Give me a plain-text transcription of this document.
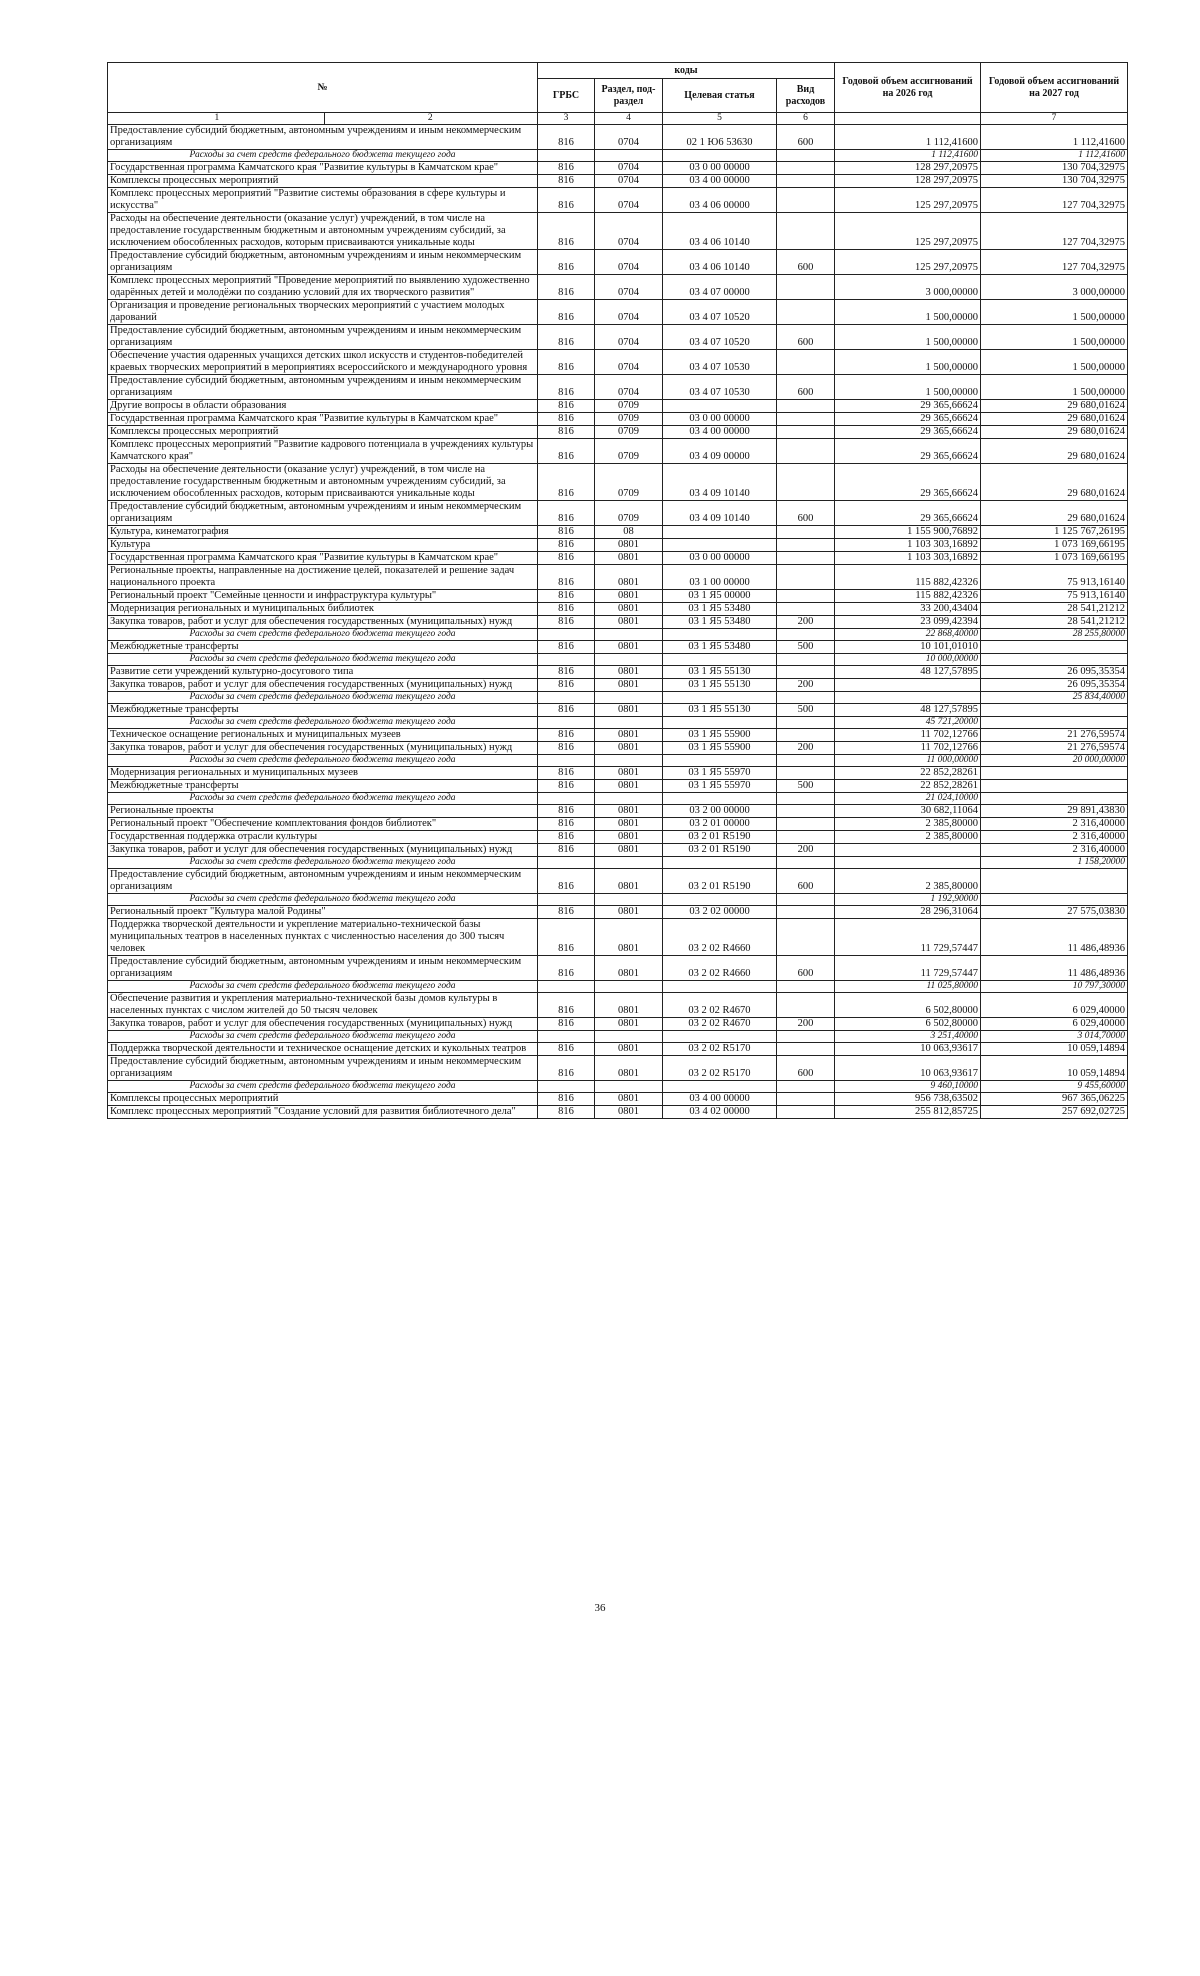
№	коды				Годовой объем ассигнований на 2026 год	Годовой объем ассигнований на 2027 год
	ГРБС	Раздел, под-раздел	Целевая статья	Вид расходов		
1 2	3	4	5	6		7
Предоставление субсидий бюджетным, автономным учреждениям и иным некоммерческим организациям	816	0704	02 1 Ю6 53630	600	1 112,41600	1 112,41600
Расходы за счет средств федерального бюджета текущего года					1 112,41600	1 112,41600
Государственная программа Камчатского края "Развитие культуры в Камчатском крае"	816	0704	03 0 00 00000		128 297,20975	130 704,32975
Комплексы процессных мероприятий	816	0704	03 4 00 00000		128 297,20975	130 704,32975
Комплекс процессных мероприятий "Развитие системы образования в сфере культуры и искусства"	816	0704	03 4 06 00000		125 297,20975	127 704,32975
Расходы на обеспечение деятельности (оказание услуг) учреждений, в том числе на предоставление государственным бюджетным и автономным учреждениям субсидий, за исключением обособленных расходов, которым присваиваются уникальные коды	816	0704	03 4 06 10140		125 297,20975	127 704,32975
Предоставление субсидий бюджетным, автономным учреждениям и иным некоммерческим организациям	816	0704	03 4 06 10140	600	125 297,20975	127 704,32975
Комплекс процессных мероприятий "Проведение мероприятий по выявлению художественно одарённых детей и молодёжи по созданию условий для их творческого развития"	816	0704	03 4 07 00000		3 000,00000	3 000,00000
Организация и проведение региональных творческих мероприятий с участием молодых дарований	816	0704	03 4 07 10520		1 500,00000	1 500,00000
Предоставление субсидий бюджетным, автономным учреждениям и иным некоммерческим организациям	816	0704	03 4 07 10520	600	1 500,00000	1 500,00000
Обеспечение участия одаренных учащихся детских школ искусств и студентов-победителей краевых творческих мероприятий в мероприятиях всероссийского и международного уровня	816	0704	03 4 07 10530		1 500,00000	1 500,00000
Предоставление субсидий бюджетным, автономным учреждениям и иным некоммерческим организациям	816	0704	03 4 07 10530	600	1 500,00000	1 500,00000
Другие вопросы в области образования	816	0709			29 365,66624	29 680,01624
Государственная программа Камчатского края "Развитие культуры в Камчатском крае"	816	0709	03 0 00 00000		29 365,66624	29 680,01624
Комплексы процессных мероприятий	816	0709	03 4 00 00000		29 365,66624	29 680,01624
Комплекс процессных мероприятий "Развитие кадрового потенциала в учреждениях культуры Камчатского края"	816	0709	03 4 09 00000		29 365,66624	29 680,01624
Расходы на обеспечение деятельности (оказание услуг) учреждений, в том числе на предоставление государственным бюджетным и автономным учреждениям субсидий, за исключением обособленных расходов, которым присваиваются уникальные коды	816	0709	03 4 09 10140		29 365,66624	29 680,01624
Предоставление субсидий бюджетным, автономным учреждениям и иным некоммерческим организациям	816	0709	03 4 09 10140	600	29 365,66624	29 680,01624
Культура, кинематография	816	08			1 155 900,76892	1 125 767,26195
Культура	816	0801			1 103 303,16892	1 073 169,66195
Государственная программа Камчатского края "Развитие культуры в Камчатском крае"	816	0801	03 0 00 00000		1 103 303,16892	1 073 169,66195
Региональные проекты, направленные на достижение целей, показателей и решение задач национального проекта	816	0801	03 1 00 00000		115 882,42326	75 913,16140
Региональный проект "Семейные ценности и инфраструктура культуры"	816	0801	03 1 Я5 00000		115 882,42326	75 913,16140
Модернизация региональных и муниципальных библиотек	816	0801	03 1 Я5 53480		33 200,43404	28 541,21212
Закупка товаров, работ и услуг для обеспечения государственных (муниципальных) нужд	816	0801	03 1 Я5 53480	200	23 099,42394	28 541,21212
Расходы за счет средств федерального бюджета текущего года					22 868,40000	28 255,80000
Межбюджетные трансферты	816	0801	03 1 Я5 53480	500	10 101,01010	
Расходы за счет средств федерального бюджета текущего года					10 000,00000	
Развитие сети учреждений культурно-досугового типа	816	0801	03 1 Я5 55130		48 127,57895	26 095,35354
Закупка товаров, работ и услуг для обеспечения государственных (муниципальных) нужд	816	0801	03 1 Я5 55130	200		26 095,35354
Расходы за счет средств федерального бюджета текущего года						25 834,40000
Межбюджетные трансферты	816	0801	03 1 Я5 55130	500	48 127,57895	
Расходы за счет средств федерального бюджета текущего года					45 721,20000	
Техническое оснащение региональных и муниципальных музеев	816	0801	03 1 Я5 55900		11 702,12766	21 276,59574
Закупка товаров, работ и услуг для обеспечения государственных (муниципальных) нужд	816	0801	03 1 Я5 55900	200	11 702,12766	21 276,59574
Расходы за счет средств федерального бюджета текущего года					11 000,00000	20 000,00000
Модернизация региональных и муниципальных музеев	816	0801	03 1 Я5 55970		22 852,28261	
Межбюджетные трансферты	816	0801	03 1 Я5 55970	500	22 852,28261	
Расходы за счет средств федерального бюджета текущего года					21 024,10000	
Региональные проекты	816	0801	03 2 00 00000		30 682,11064	29 891,43830
Региональный проект "Обеспечение комплектования фондов библиотек"	816	0801	03 2 01 00000		2 385,80000	2 316,40000
Государственная поддержка отрасли культуры	816	0801	03 2 01 R5190		2 385,80000	2 316,40000
Закупка товаров, работ и услуг для обеспечения государственных (муниципальных) нужд	816	0801	03 2 01 R5190	200		2 316,40000
Расходы за счет средств федерального бюджета текущего года						1 158,20000
Предоставление субсидий бюджетным, автономным учреждениям и иным некоммерческим организациям	816	0801	03 2 01 R5190	600	2 385,80000	
Расходы за счет средств федерального бюджета текущего года					1 192,90000	
Региональный проект "Культура малой Родины"	816	0801	03 2 02 00000		28 296,31064	27 575,03830
Поддержка творческой деятельности и укрепление материально-технической базы муниципальных театров в населенных пунктах с численностью населения до 300 тысяч человек	816	0801	03 2 02 R4660		11 729,57447	11 486,48936
Предоставление субсидий бюджетным, автономным учреждениям и иным некоммерческим организациям	816	0801	03 2 02 R4660	600	11 729,57447	11 486,48936
Расходы за счет средств федерального бюджета текущего года					11 025,80000	10 797,30000
Обеспечение развития и укрепления материально-технической базы домов культуры в населенных пунктах с числом жителей до 50 тысяч человек	816	0801	03 2 02 R4670		6 502,80000	6 029,40000
Закупка товаров, работ и услуг для обеспечения государственных (муниципальных) нужд	816	0801	03 2 02 R4670	200	6 502,80000	6 029,40000
Расходы за счет средств федерального бюджета текущего года					3 251,40000	3 014,70000
Поддержка творческой деятельности и техническое оснащение детских и кукольных театров	816	0801	03 2 02 R5170		10 063,93617	10 059,14894
Предоставление субсидий бюджетным, автономным учреждениям и иным некоммерческим организациям	816	0801	03 2 02 R5170	600	10 063,93617	10 059,14894
Расходы за счет средств федерального бюджета текущего года					9 460,10000	9 455,60000
Комплексы процессных мероприятий	816	0801	03 4 00 00000		956 738,63502	967 365,06225
Комплекс процессных мероприятий "Создание условий для развития библиотечного дела"	816	0801	03 4 02 00000		255 812,85725	257 692,02725
36
